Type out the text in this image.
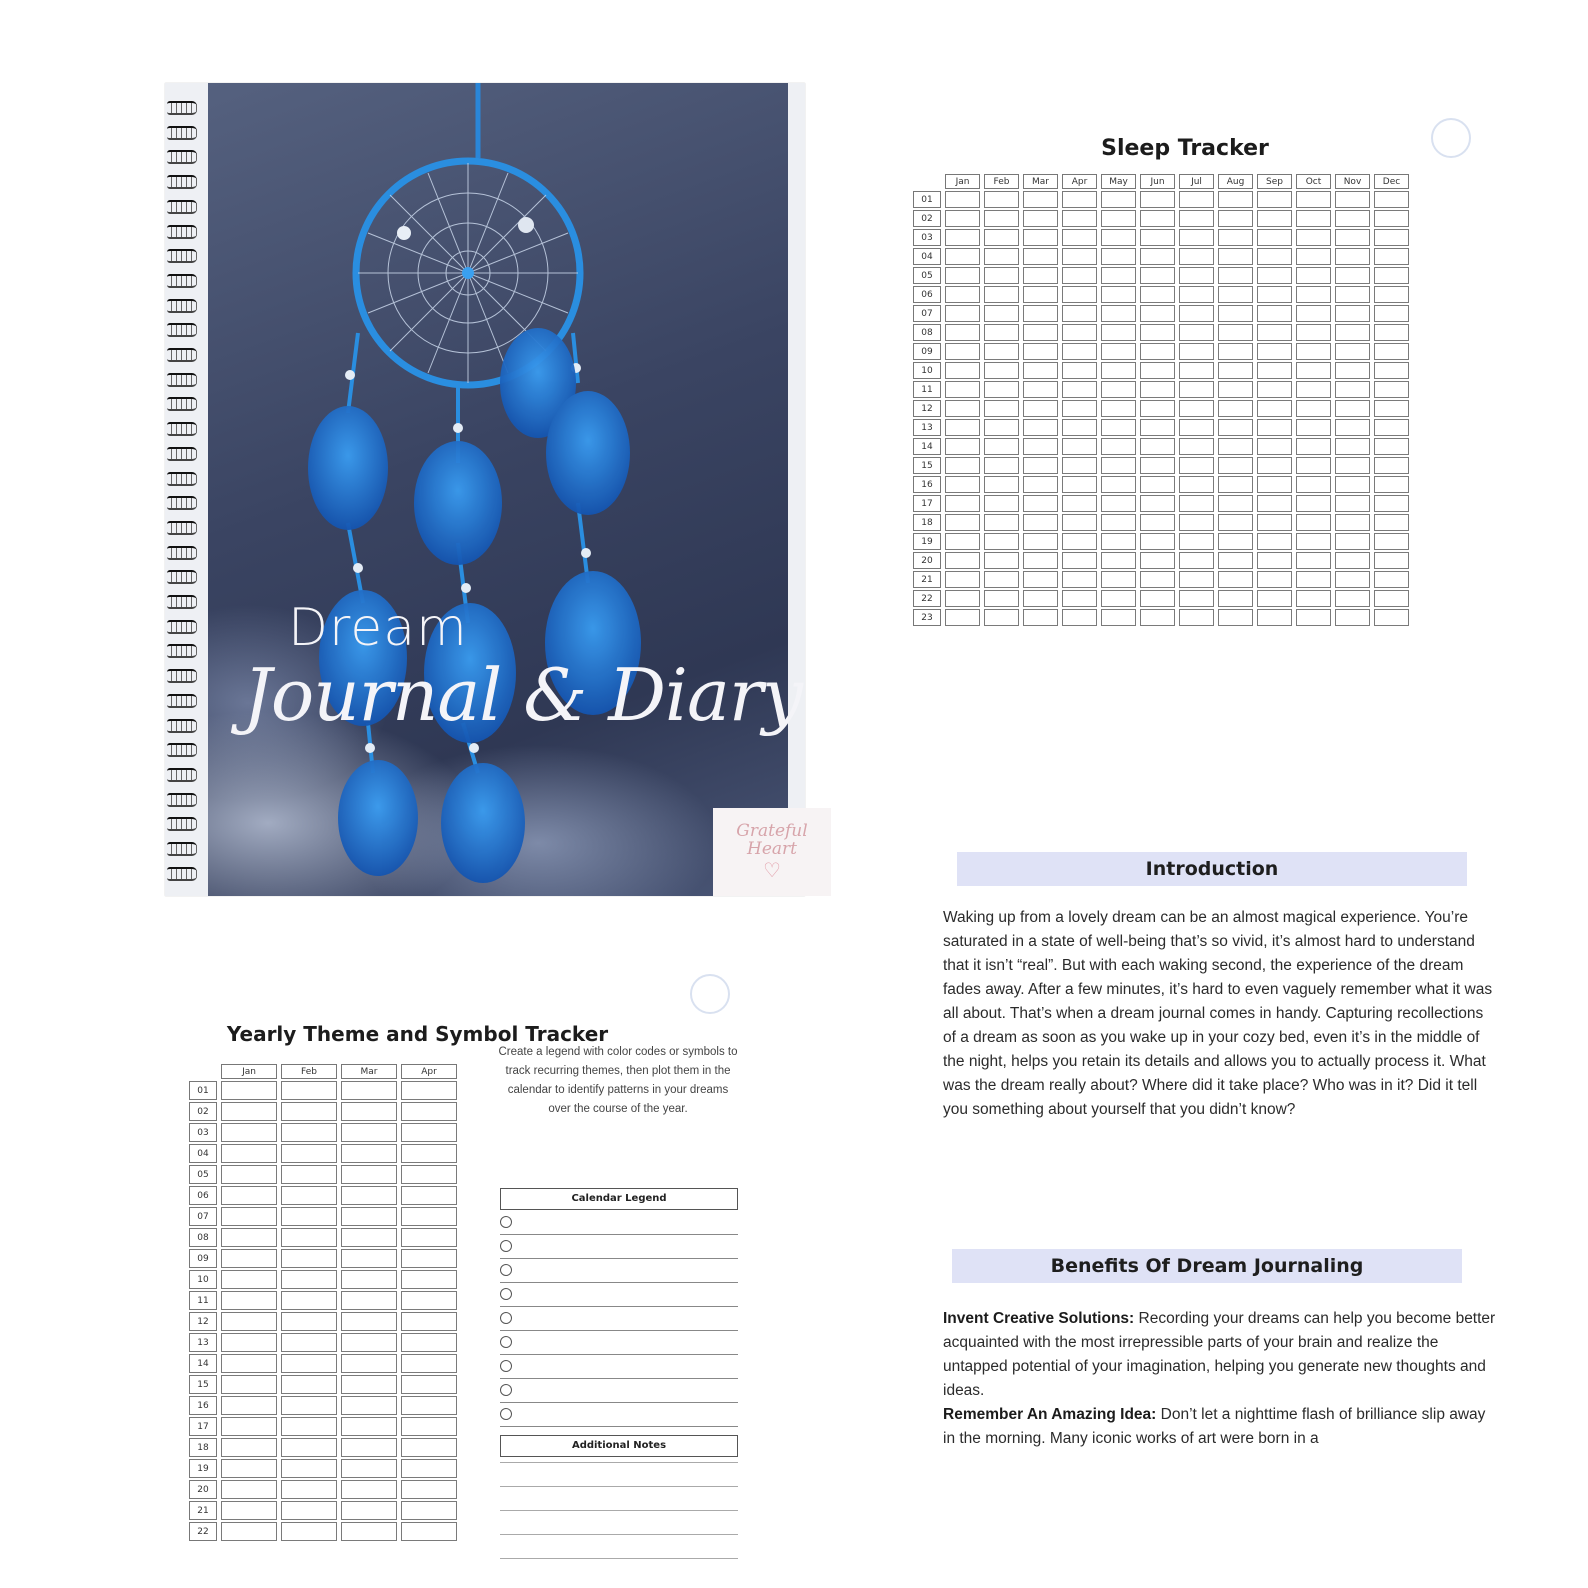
Dream
Journal & Diary
Grateful Heart
♡
Sleep Tracker
	Jan	Feb	Mar	Apr	May	Jun	Jul	Aug	Sep	Oct	Nov	Dec
01												
02												
03												
04												
05												
06												
07												
08												
09												
10												
11												
12												
13												
14												
15												
16												
17												
18												
19												
20												
21												
22												
23												
Introduction
Waking up from a lovely dream can be an almost magical experience. You’re saturated in a state of well-being that’s so vivid, it’s almost hard to understand that it isn’t “real”. But with each waking second, the experience of the dream fades away. After a few minutes, it’s hard to even vaguely remember what it was all about. That’s when a dream journal comes in handy. Capturing recollections of a dream as soon as you wake up in your cozy bed, even it’s in the middle of the night, helps you retain its details and allows you to actually process it. What was the dream really about? Where did it take place? Who was in it? Did it tell you something about yourself that you didn’t know?
Benefits Of Dream Journaling
Invent Creative Solutions: Recording your dreams can help you become better acquainted with the most irrepressible parts of your brain and realize the untapped potential of your imagination, helping you generate new thoughts and ideas.
Remember An Amazing Idea: Don’t let a nighttime flash of brilliance slip away in the morning. Many iconic works of art were born in a
Yearly Theme and Symbol Tracker
	Jan	Feb	Mar	Apr
01				
02				
03				
04				
05				
06				
07				
08				
09				
10				
11				
12				
13				
14				
15				
16				
17				
18				
19				
20				
21				
22				
Create a legend with color codes or symbols to track recurring themes, then plot them in the calendar to identify patterns in your dreams over the course of the year.
Calendar Legend
Additional Notes
